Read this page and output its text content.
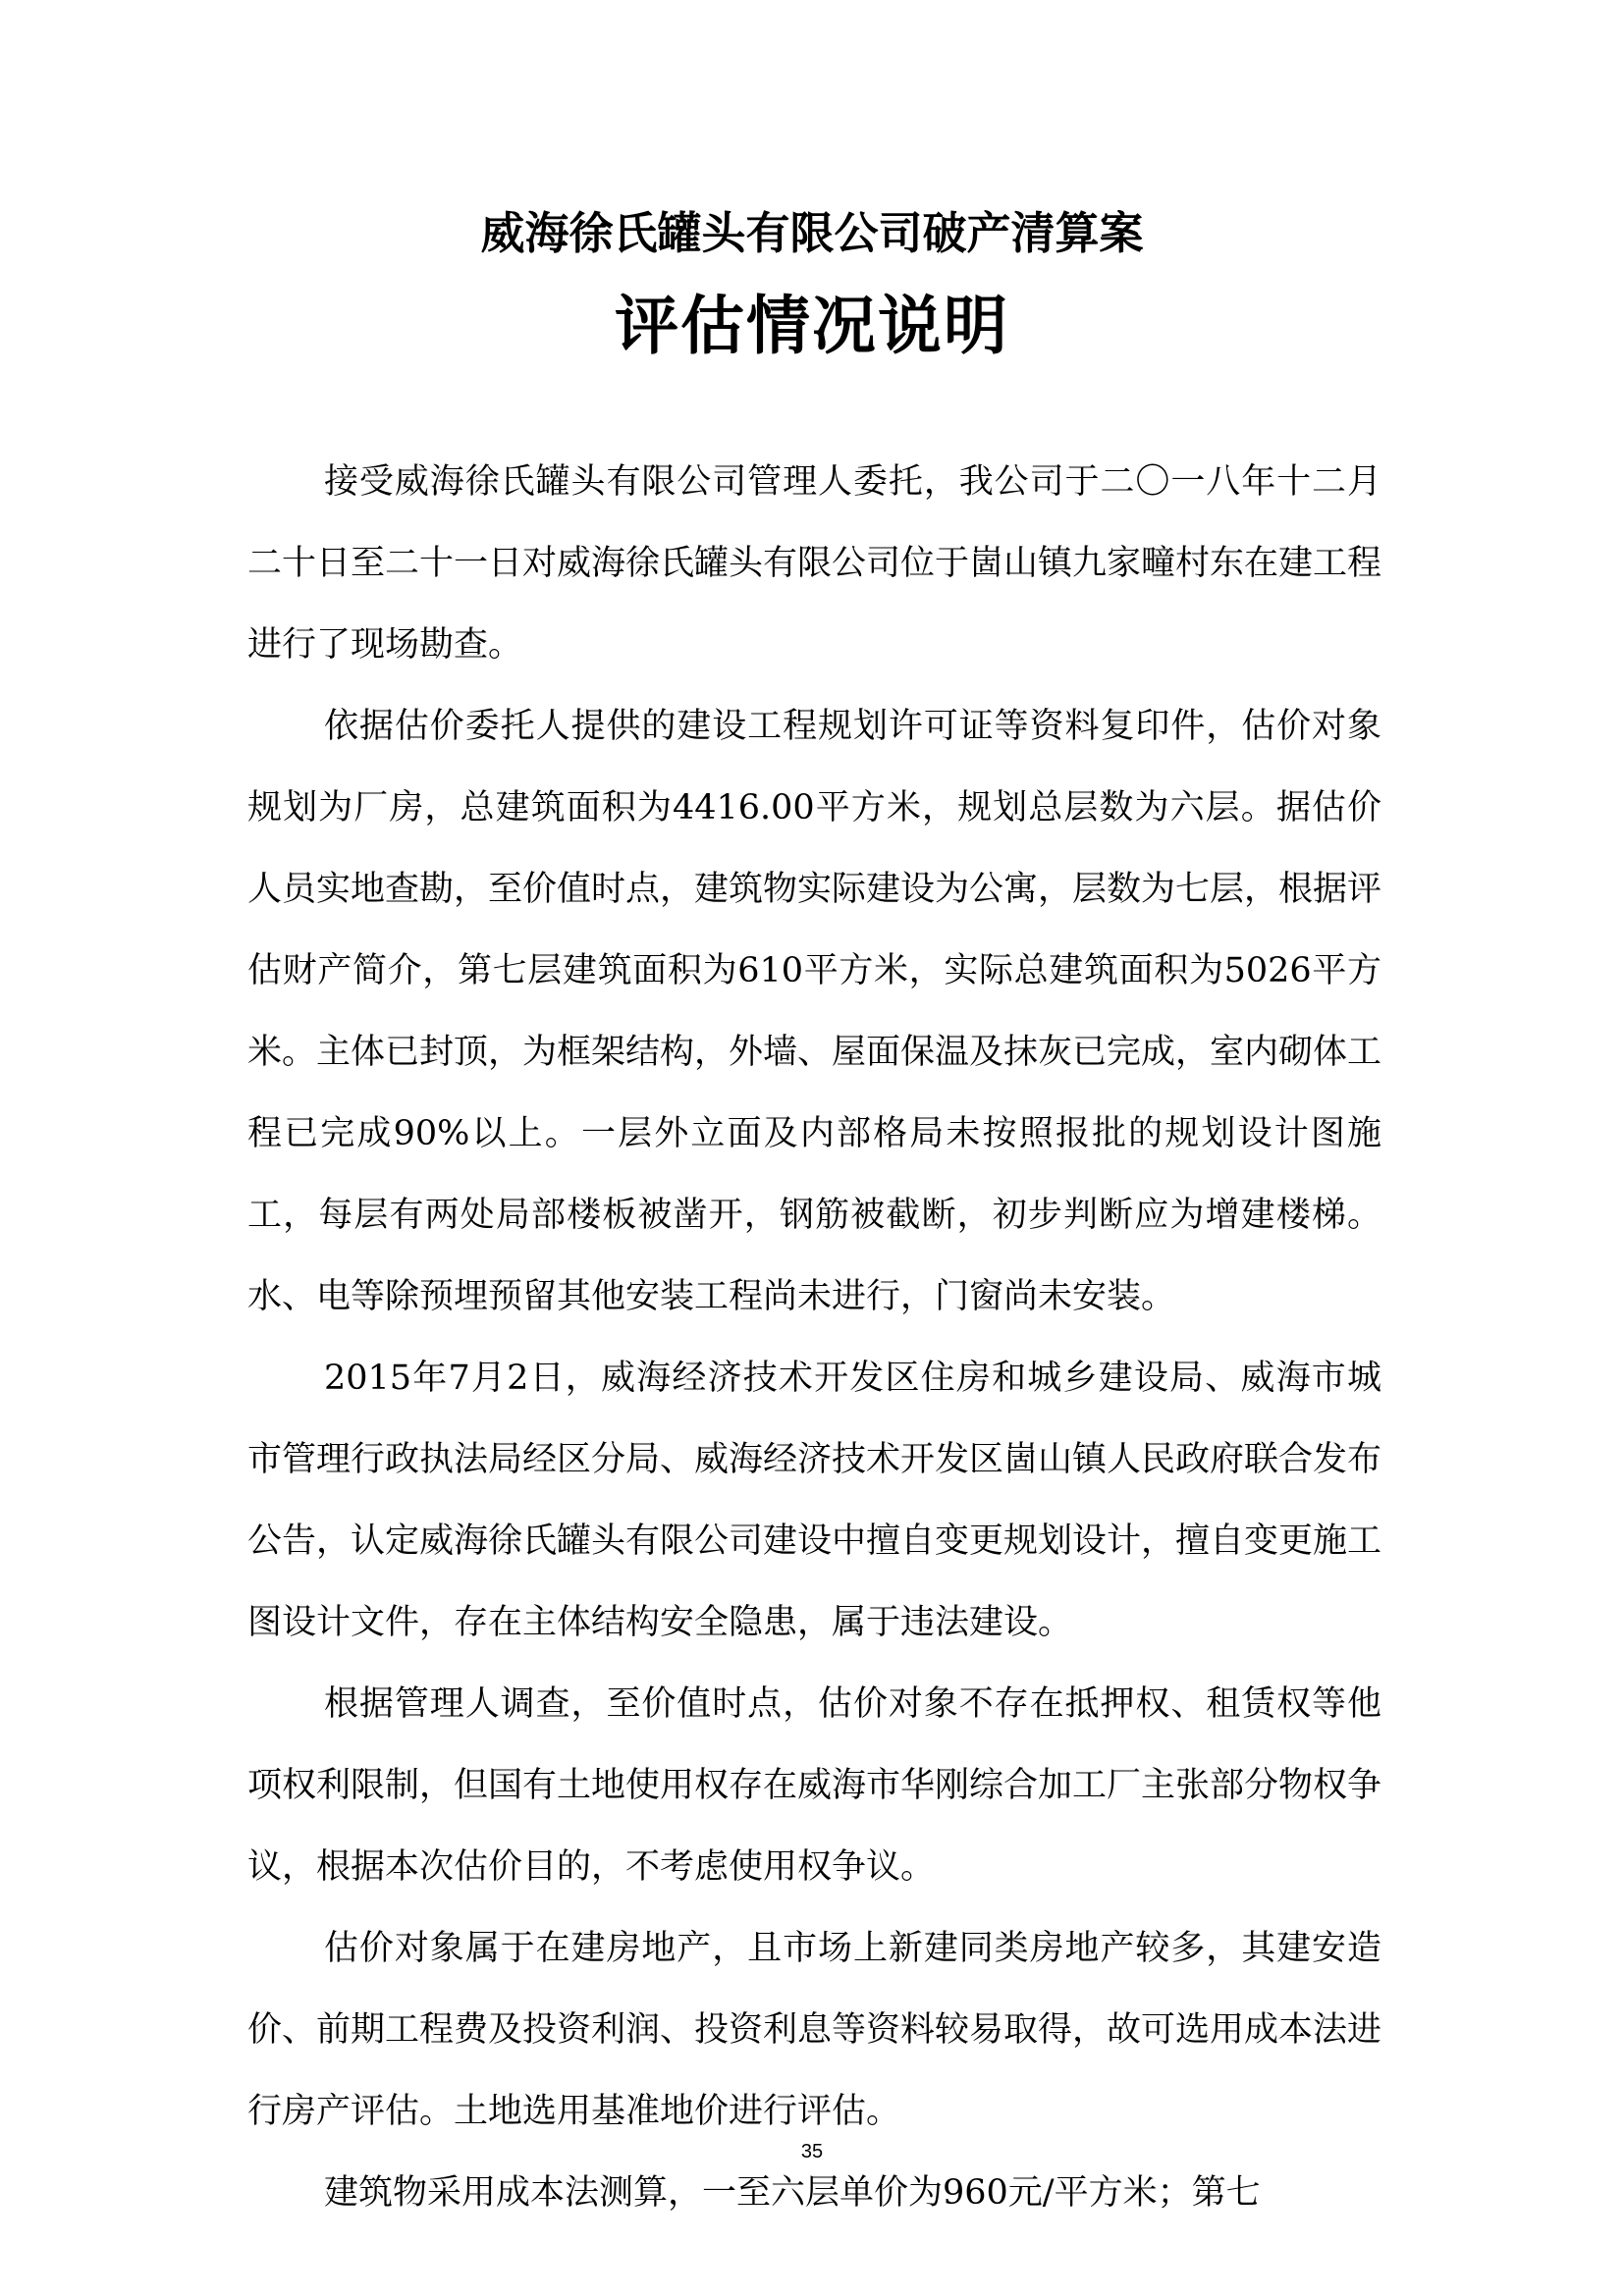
威海徐氏罐头有限公司破产清算案
评估情况说明

接受威海徐氏罐头有限公司管理人委托，我公司于二〇一八年十二月二十日至二十一日对威海徐氏罐头有限公司位于崮山镇九家疃村东在建工程进行了现场勘查。

依据估价委托人提供的建设工程规划许可证等资料复印件，估价对象规划为厂房，总建筑面积为4416.00平方米，规划总层数为六层。据估价人员实地查勘，至价值时点，建筑物实际建设为公寓，层数为七层，根据评估财产简介，第七层建筑面积为610平方米，实际总建筑面积为5026平方米。主体已封顶，为框架结构，外墙、屋面保温及抹灰已完成，室内砌体工程已完成90%以上。一层外立面及内部格局未按照报批的规划设计图施工，每层有两处局部楼板被凿开，钢筋被截断，初步判断应为增建楼梯。水、电等除预埋预留其他安装工程尚未进行，门窗尚未安装。

2015年7月2日，威海经济技术开发区住房和城乡建设局、威海市城市管理行政执法局经区分局、威海经济技术开发区崮山镇人民政府联合发布公告，认定威海徐氏罐头有限公司建设中擅自变更规划设计，擅自变更施工图设计文件，存在主体结构安全隐患，属于违法建设。

根据管理人调查，至价值时点，估价对象不存在抵押权、租赁权等他项权利限制，但国有土地使用权存在威海市华刚综合加工厂主张部分物权争议，根据本次估价目的，不考虑使用权争议。

估价对象属于在建房地产，且市场上新建同类房地产较多，其建安造价、前期工程费及投资利润、投资利息等资料较易取得，故可选用成本法进行房产评估。土地选用基准地价进行评估。

建筑物采用成本法测算，一至六层单价为960元/平方米；第七

35
